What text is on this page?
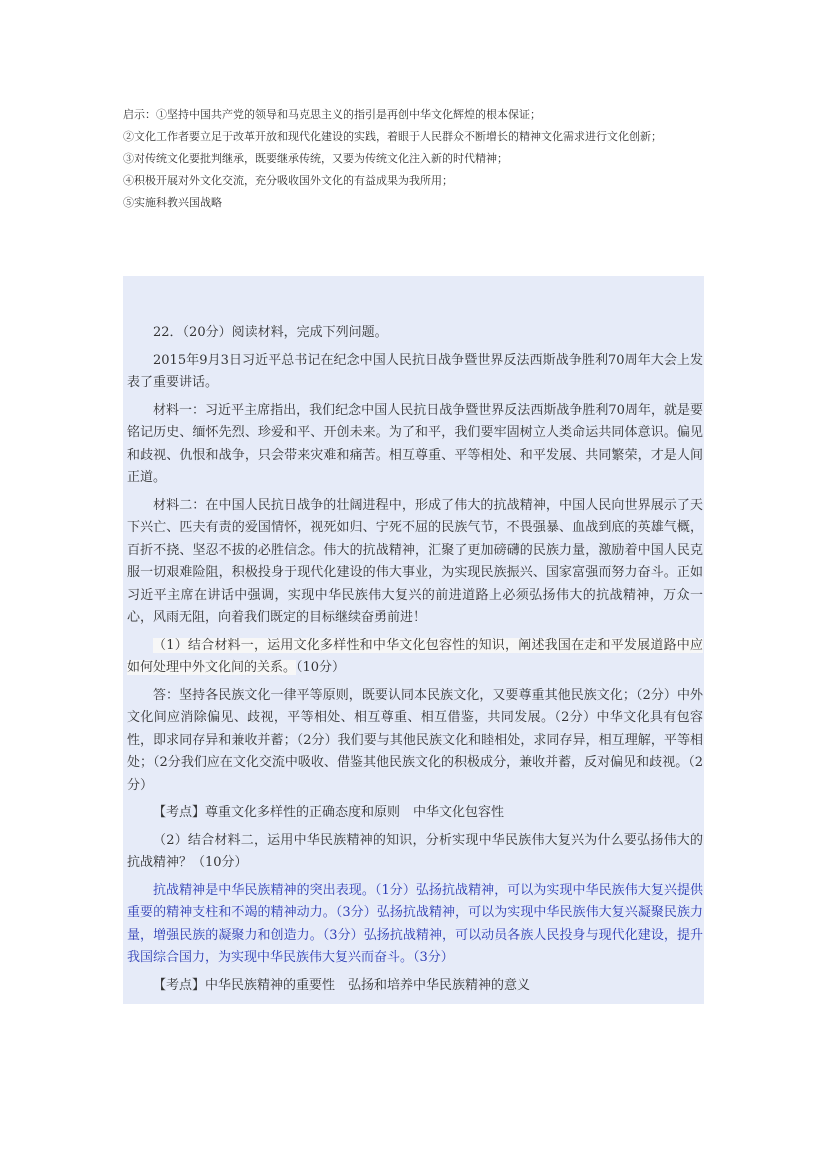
启示：①坚持中国共产党的领导和马克思主义的指引是再创中华文化辉煌的根本保证；

②文化工作者要立足于改革开放和现代化建设的实践，着眼于人民群众不断增长的精神文化需求进行文化创新；

③对传统文化要批判继承，既要继承传统，又要为传统文化注入新的时代精神；

④积极开展对外文化交流，充分吸收国外文化的有益成果为我所用；

⑤实施科教兴国战略

22．（20分）阅读材料，完成下列问题。

2015年9月3日习近平总书记在纪念中国人民抗日战争暨世界反法西斯战争胜利70周年大会上发表了重要讲话。

材料一：习近平主席指出，我们纪念中国人民抗日战争暨世界反法西斯战争胜利70周年，就是要铭记历史、缅怀先烈、珍爱和平、开创未来。为了和平，我们要牢固树立人类命运共同体意识。偏见和歧视、仇恨和战争，只会带来灾难和痛苦。相互尊重、平等相处、和平发展、共同繁荣，才是人间正道。

材料二：在中国人民抗日战争的壮阔进程中，形成了伟大的抗战精神，中国人民向世界展示了天下兴亡、匹夫有责的爱国情怀，视死如归、宁死不屈的民族气节，不畏强暴、血战到底的英雄气概，百折不挠、坚忍不拔的必胜信念。伟大的抗战精神，汇聚了更加磅礴的民族力量，激励着中国人民克服一切艰难险阻，积极投身于现代化建设的伟大事业，为实现民族振兴、国家富强而努力奋斗。正如习近平主席在讲话中强调，实现中华民族伟大复兴的前进道路上必须弘扬伟大的抗战精神，万众一心，风雨无阻，向着我们既定的目标继续奋勇前进！

（1）结合材料一，运用文化多样性和中华文化包容性的知识，阐述我国在走和平发展道路中应如何处理中外文化间的关系。（10分）

答：坚持各民族文化一律平等原则，既要认同本民族文化，又要尊重其他民族文化；（2分）中外文化间应消除偏见、歧视，平等相处、相互尊重、相互借鉴，共同发展。（2分）中华文化具有包容性，即求同存异和兼收并蓄；（2分）我们要与其他民族文化和睦相处，求同存异，相互理解，平等相处；（2分我们应在文化交流中吸收、借鉴其他民族文化的积极成分，兼收并蓄，反对偏见和歧视。（2分）

【考点】尊重文化多样性的正确态度和原则　中华文化包容性

（2）结合材料二，运用中华民族精神的知识，分析实现中华民族伟大复兴为什么要弘扬伟大的抗战精神？（10分）

抗战精神是中华民族精神的突出表现。（1分）弘扬抗战精神，可以为实现中华民族伟大复兴提供重要的精神支柱和不竭的精神动力。（3分）弘扬抗战精神，可以为实现中华民族伟大复兴凝聚民族力量，增强民族的凝聚力和创造力。（3分）弘扬抗战精神，可以动员各族人民投身与现代化建设，提升我国综合国力，为实现中华民族伟大复兴而奋斗。（3分）

【考点】中华民族精神的重要性　弘扬和培养中华民族精神的意义
